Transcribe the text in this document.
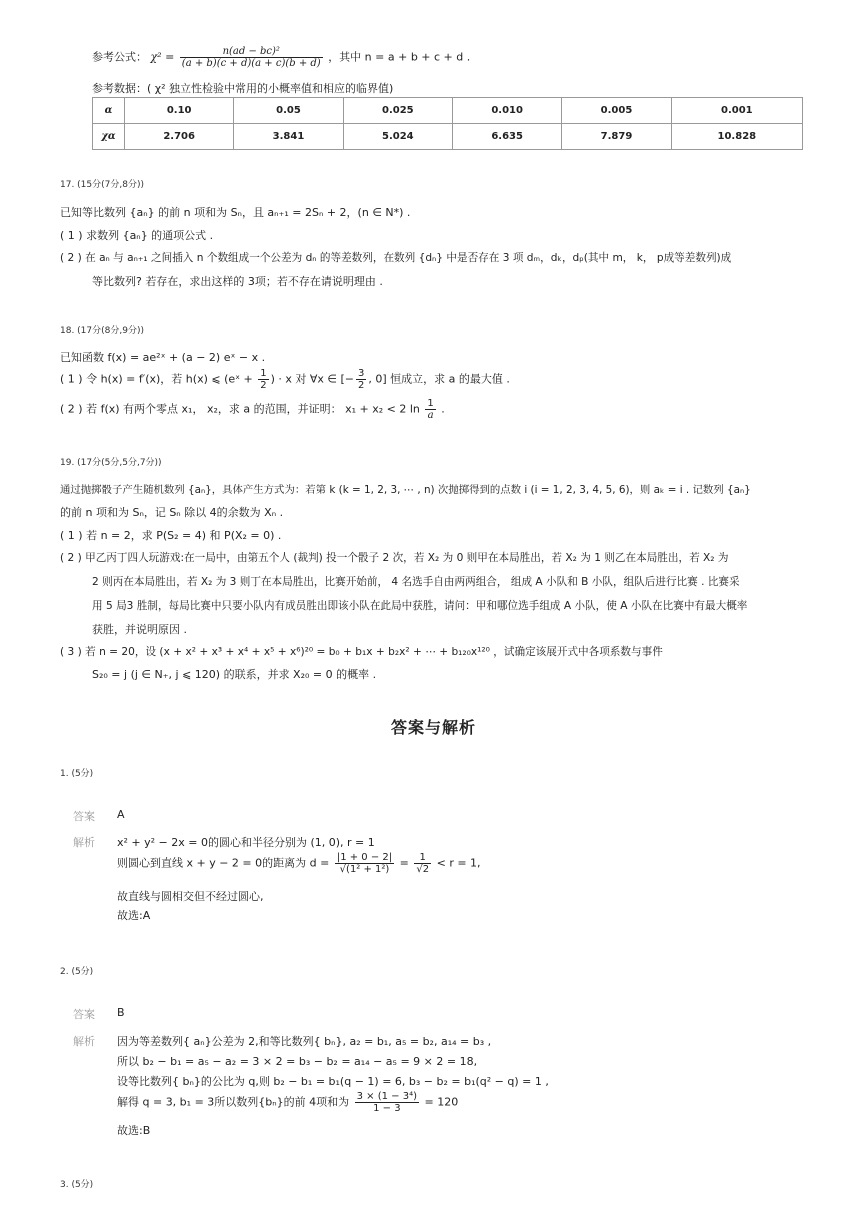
参考公式： $\chi^2 = \frac{\text{n(ad − bc)²}}{(a + b)(c + d)(a + c)(b + d)}$ ，其中 n = a + b + c + d .
参考数据：( χ² 独立性检验中常用的小概率值和相应的临界值)
α	0.10	0.05	0.025	0.010	0.005	0.001
χα	2.706	3.841	5.024	6.635	7.879	10.828
17. (15分(7分,8分))
已知等比数列 {aₙ} 的前 n 项和为 Sₙ，且 aₙ₊₁ = 2Sₙ + 2，(n ∈ N*) .
( 1 ) 求数列 {aₙ} 的通项公式 .
( 2 ) 在 aₙ 与 aₙ₊₁ 之间插入 n 个数组成一个公差为 dₙ 的等差数列，在数列 {dₙ} 中是否存在 3 项 dₘ，dₖ，dₚ(其中 m， k， p成等差数列)成
等比数列? 若存在，求出这样的 3项；若不存在请说明理由 .
18. (17分(8分,9分))
已知函数 f(x) = ae²ˣ + (a − 2) eˣ − x .
( 1 ) 令 h(x) = f′(x)，若 h(x) ⩽ (eˣ + $\frac{1}{2}$ ) · x 对 ∀x ∈ [− $\frac{3}{2}$ , 0] 恒成立，求 a 的最大值 .
( 2 ) 若 f(x) 有两个零点 x₁， x₂，求 a 的范围，并证明： x₁ + x₂ < 2 $\ln \frac{1}{a}$ .
19. (17分(5分,5分,7分))
通过抛掷骰子产生随机数列 {aₙ}，具体产生方式为：若第 k (k = 1, 2, 3, ⋯ , n) 次抛掷得到的点数 i (i = 1, 2, 3, 4, 5, 6)，则 aₖ = i . 记数列 {aₙ}
的前 n 项和为 Sₙ，记 Sₙ 除以 4的余数为 Xₙ .
( 1 ) 若 n = 2，求 P(S₂ = 4) 和 P(X₂ = 0) .
( 2 ) 甲乙丙丁四人玩游戏:在一局中，由第五个人 (裁判) 投一个骰子 2 次，若 X₂ 为 0 则甲在本局胜出，若 X₂ 为 1 则乙在本局胜出，若 X₂ 为
2 则丙在本局胜出，若 X₂ 为 3 则丁在本局胜出，比赛开始前， 4 名选手自由两两组合， 组成 A 小队和 B 小队，组队后进行比赛 . 比赛采
用 5 局3 胜制，每局比赛中只要小队内有成员胜出即该小队在此局中获胜，请问：甲和哪位选手组成 A 小队，使 A 小队在比赛中有最大概率
获胜，并说明原因 .
( 3 ) 若 n = 20，设 (x + x² + x³ + x⁴ + x⁵ + x⁶)²⁰ = b₀ + b₁x + b₂x² + ⋯ + b₁₂₀x¹²⁰ ，试确定该展开式中各项系数与事件
S₂₀ = j (j ∈ N₊, j ⩽ 120) 的联系，并求 X₂₀ = 0 的概率 .
答案与解析
1. (5分)
答案 A
解析 x² + y² − 2x = 0的圆心和半径分别为 (1, 0), r = 1
则圆心到直线 x + y − 2 = 0的距离为 $d = \frac{|1 + 0 - 2|}{\text{√(1² + 1²)}} = \frac{1}{√2} < r = 1$,
故直线与圆相交但不经过圆心,
故选:A
2. (5分)
答案 B
解析 因为等差数列{ aₙ}公差为 2,和等比数列{ bₙ}, a₂ = b₁, a₅ = b₂, a₁₄ = b₃ ,
所以 b₂ − b₁ = a₅ − a₂ = 3 × 2 = b₃ − b₂ = a₁₄ − a₅ = 9 × 2 = 18,
设等比数列{ bₙ}的公比为 q,则 b₂ − b₁ = b₁(q − 1) = 6, b₃ − b₂ = b₁(q² − q) = 1 ,
解得 q = 3, b₁ = 3所以数列{bₙ}的前 4项和为 $\frac{\text{3 × (1 − 3⁴)}}{1 - 3} = 120$
故选:B
3. (5分)
